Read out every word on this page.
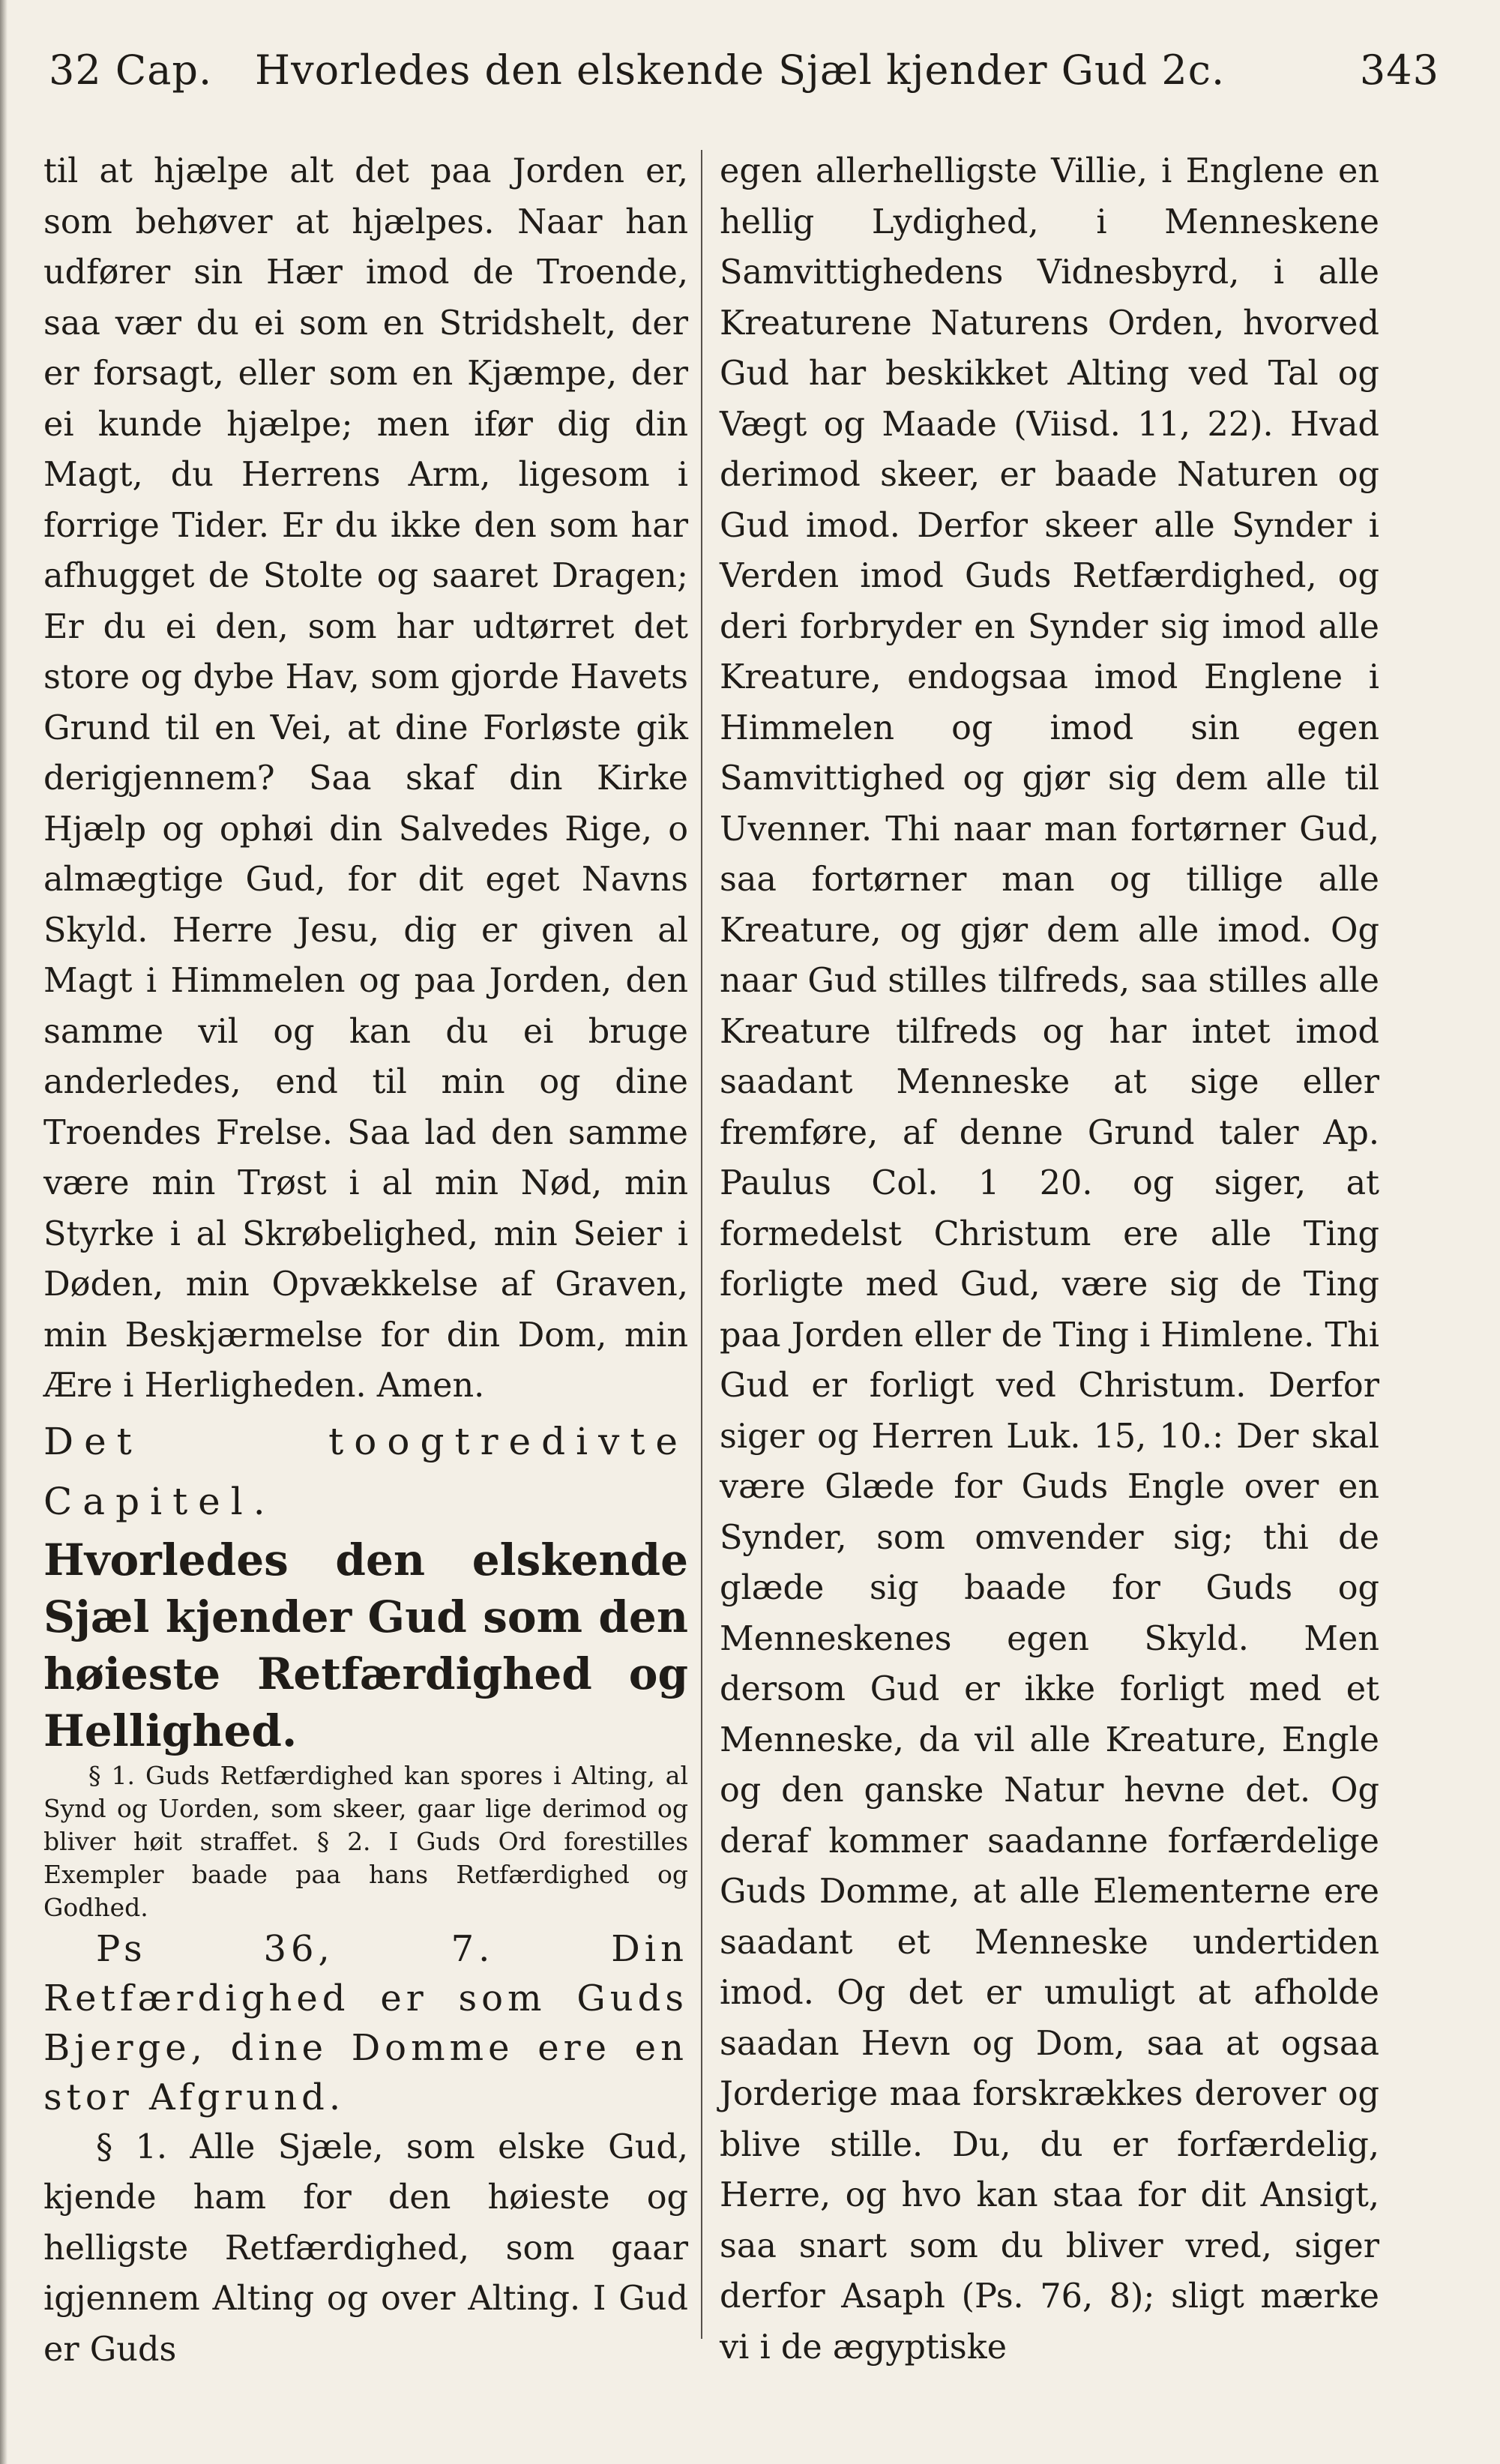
32 Cap. Hvorledes den elskende Sjæl kjender Gud 2c.	343

til at hjælpe alt det paa Jorden er, som behøver at hjælpes. Naar han udfører sin Hær imod de Troende, saa vær du ei som en Stridshelt, der er forsagt, eller som en Kjæmpe, der ei kunde hjælpe; men ifør dig din Magt, du Herrens Arm, ligesom i forrige Tider. Er du ikke den som har afhugget de Stolte og saaret Dragen; Er du ei den, som har udtørret det store og dybe Hav, som gjorde Havets Grund til en Vei, at dine Forløste gik derigjennem? Saa skaf din Kirke Hjælp og ophøi din Salvedes Rige, o almægtige Gud, for dit eget Navns Skyld. Herre Jesu, dig er given al Magt i Himmelen og paa Jorden, den samme vil og kan du ei bruge anderledes, end til min og dine Troendes Frelse. Saa lad den samme være min Trøst i al min Nød, min Styrke i al Skrøbelighed, min Seier i Døden, min Opvækkelse af Graven, min Beskjærmelse for din Dom, min Ære i Herligheden. Amen.

Det toogtredivte Capitel.

Hvorledes den elskende Sjæl kjender Gud som den høieste Retfærdighed og Hellighed.

§ 1. Guds Retfærdighed kan spores i Alting, al Synd og Uorden, som skeer, gaar lige derimod og bliver høit straffet. § 2. I Guds Ord forestilles Exempler baade paa hans Retfærdighed og Godhed.

Ps 36, 7. Din Retfærdighed er som Guds Bjerge, dine Domme ere en stor Afgrund.

§ 1. Alle Sjæle, som elske Gud, kjende ham for den høieste og helligste Retfærdighed, som gaar igjennem Alting og over Alting. I Gud er Guds

egen allerhelligste Villie, i Englene en hellig Lydighed, i Menneskene Samvittighedens Vidnesbyrd, i alle Kreaturene Naturens Orden, hvorved Gud har beskikket Alting ved Tal og Vægt og Maade (Viisd. 11, 22). Hvad derimod skeer, er baade Naturen og Gud imod. Derfor skeer alle Synder i Verden imod Guds Retfærdighed, og deri forbryder en Synder sig imod alle Kreature, endogsaa imod Englene i Himmelen og imod sin egen Samvittighed og gjør sig dem alle til Uvenner. Thi naar man fortørner Gud, saa fortørner man og tillige alle Kreature, og gjør dem alle imod. Og naar Gud stilles tilfreds, saa stilles alle Kreature tilfreds og har intet imod saadant Menneske at sige eller fremføre, af denne Grund taler Ap. Paulus Col. 1 20. og siger, at formedelst Christum ere alle Ting forligte med Gud, være sig de Ting paa Jorden eller de Ting i Himlene. Thi Gud er forligt ved Christum. Derfor siger og Herren Luk. 15, 10.: Der skal være Glæde for Guds Engle over en Synder, som omvender sig; thi de glæde sig baade for Guds og Menneskenes egen Skyld. Men dersom Gud er ikke forligt med et Menneske, da vil alle Kreature, Engle og den ganske Natur hevne det. Og deraf kommer saadanne forfærdelige Guds Domme, at alle Elementerne ere saadant et Menneske undertiden imod. Og det er umuligt at afholde saadan Hevn og Dom, saa at ogsaa Jorderige maa forskrækkes derover og blive stille. Du, du er forfærdelig, Herre, og hvo kan staa for dit Ansigt, saa snart som du bliver vred, siger derfor Asaph (Ps. 76, 8); sligt mærke vi i de ægyptiske
